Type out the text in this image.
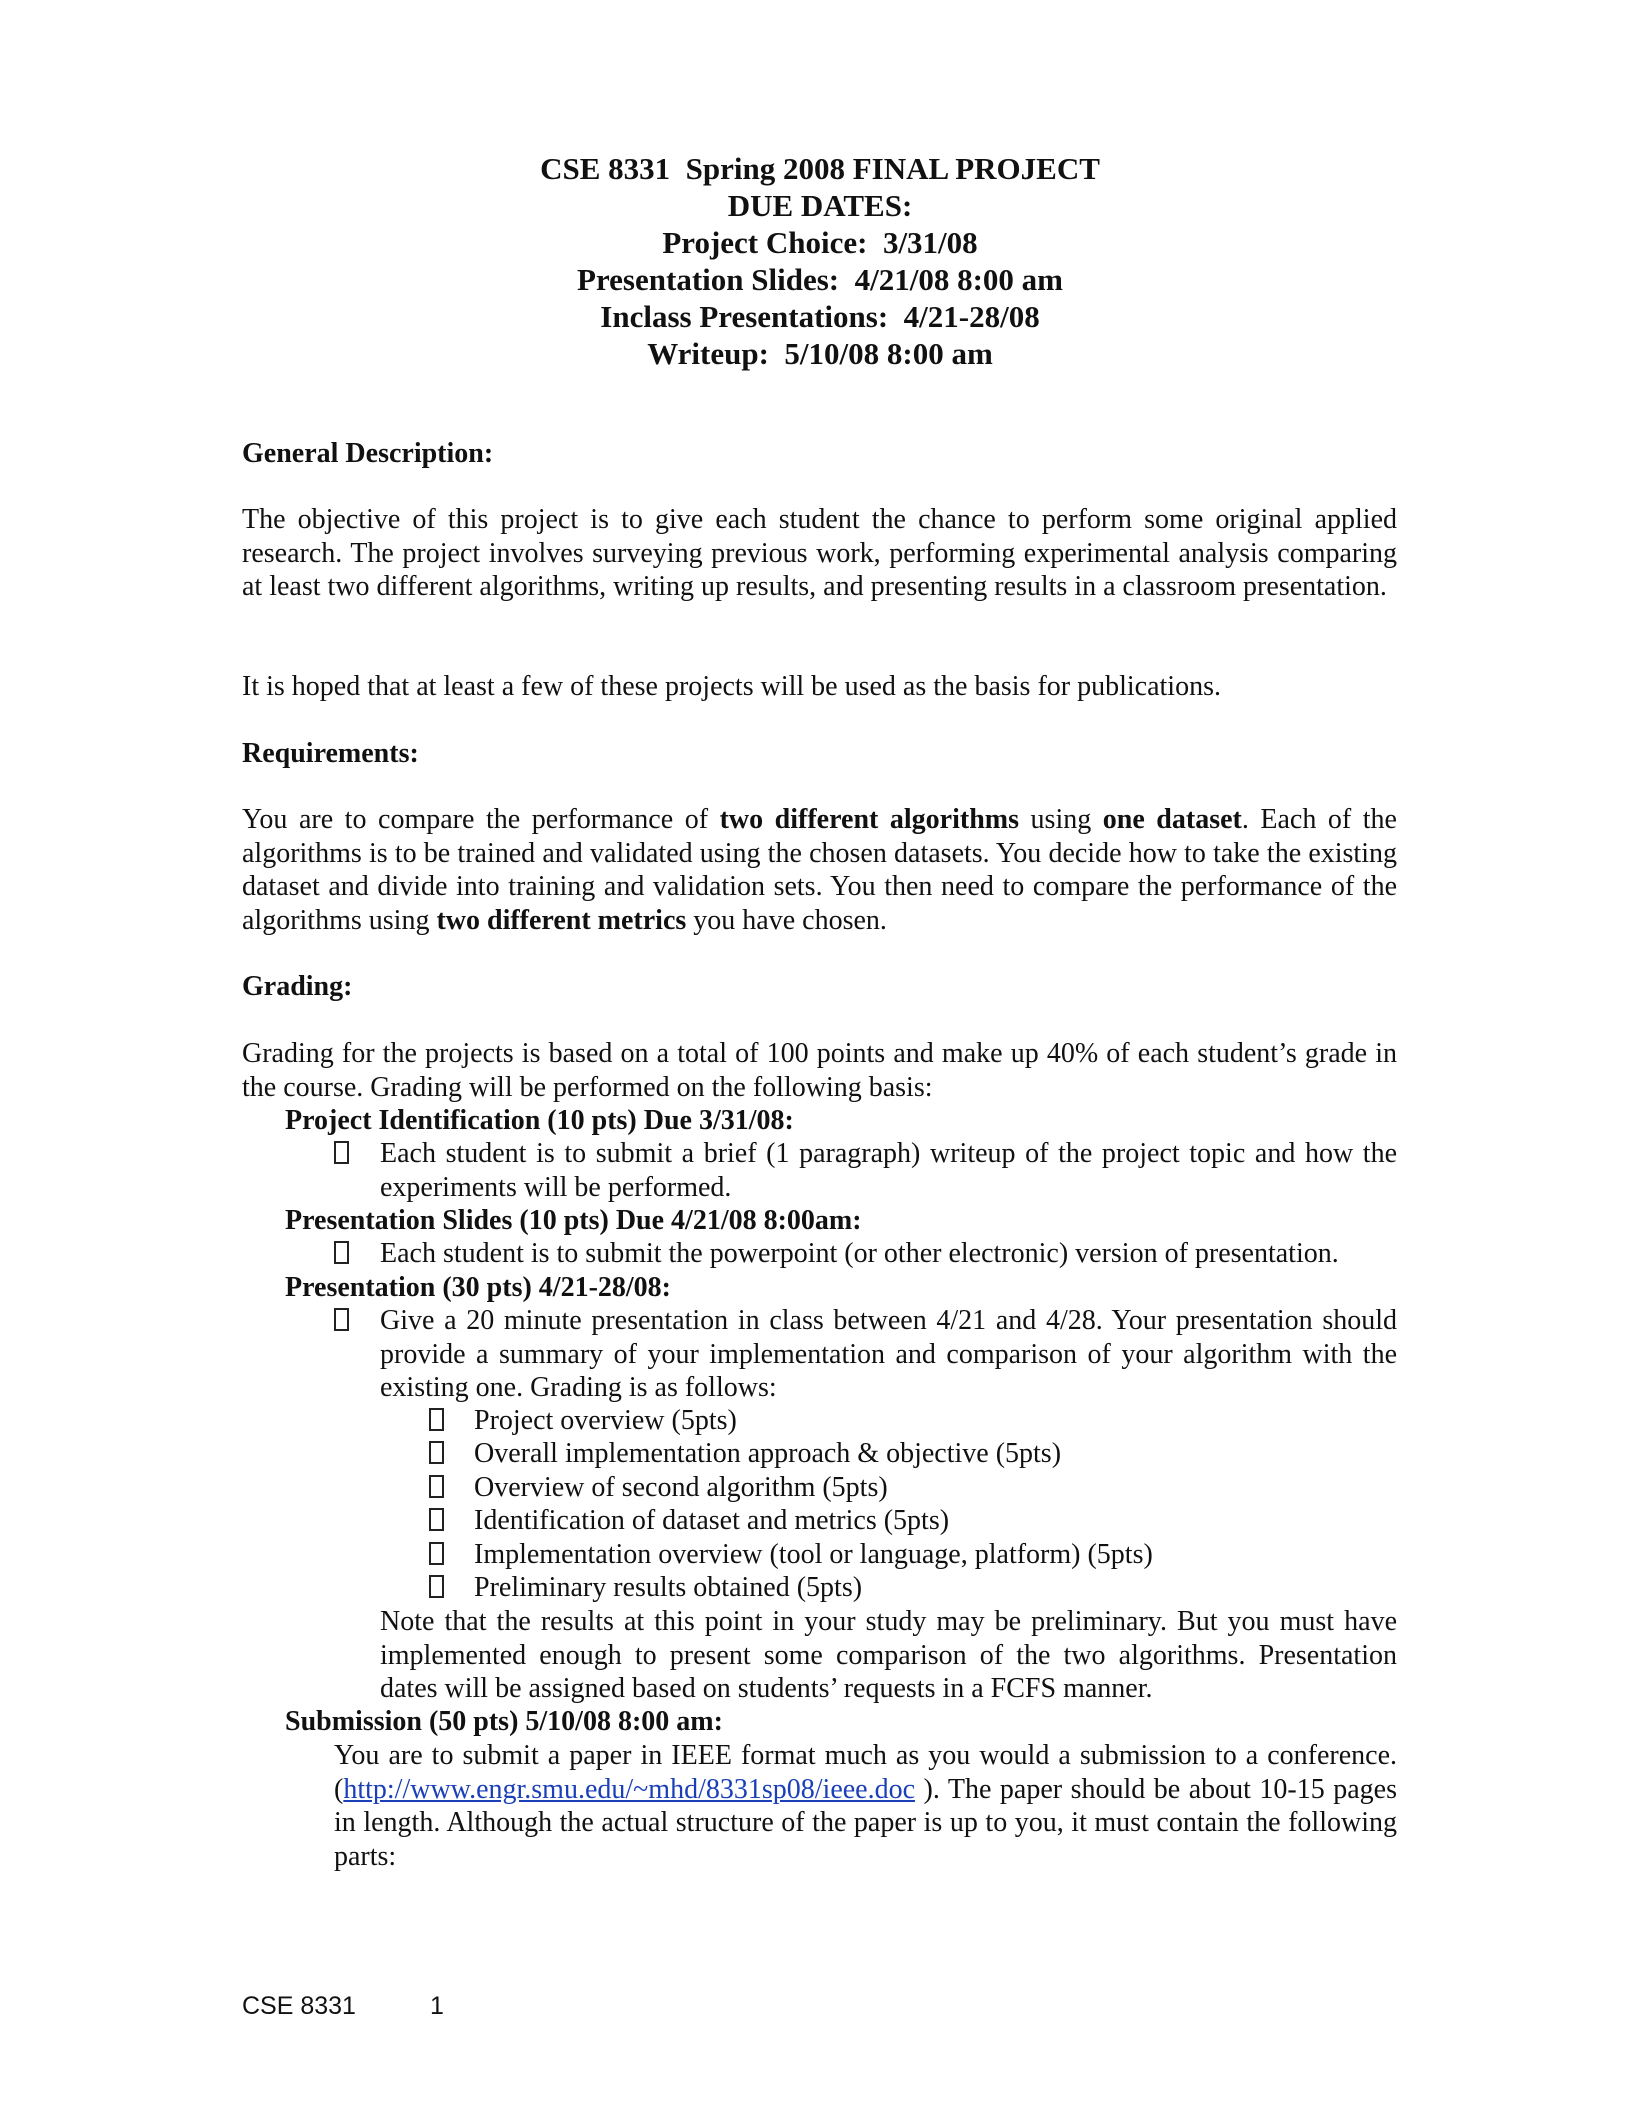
CSE 8331  Spring 2008 FINAL PROJECT
DUE DATES:
Project Choice:  3/31/08
Presentation Slides:  4/21/08 8:00 am
Inclass Presentations:  4/21-28/08
Writeup:  5/10/08 8:00 am
General Description:
The objective of this project is to give each student the chance to perform some original applied research. The project involves surveying previous work, performing experimental analysis comparing at least two different algorithms, writing up results, and presenting results in a classroom presentation.
It is hoped that at least a few of these projects will be used as the basis for publications.
Requirements:
You are to compare the performance of two different algorithms using one dataset. Each of the algorithms is to be trained and validated using the chosen datasets. You decide how to take the existing dataset and divide into training and validation sets. You then need to compare the performance of the algorithms using two different metrics you have chosen.
Grading:
Grading for the projects is based on a total of 100 points and make up 40% of each student’s grade in the course. Grading will be performed on the following basis:
Project Identification (10 pts) Due 3/31/08:
Each student is to submit a brief (1 paragraph) writeup of the project topic and how the experiments will be performed.
Presentation Slides (10 pts) Due 4/21/08 8:00am:
Each student is to submit the powerpoint (or other electronic) version of presentation.
Presentation (30 pts) 4/21-28/08:
Give a 20 minute presentation in class between 4/21 and 4/28. Your presentation should provide a summary of your implementation and comparison of your algorithm with the existing one. Grading is as follows:
Project overview (5pts)
Overall implementation approach & objective (5pts)
Overview of second algorithm (5pts)
Identification of dataset and metrics (5pts)
Implementation overview (tool or language, platform) (5pts)
Preliminary results obtained (5pts)
Note that the results at this point in your study may be preliminary. But you must have implemented enough to present some comparison of the two algorithms. Presentation dates will be assigned based on students’ requests in a FCFS manner.
Submission (50 pts) 5/10/08 8:00 am:
You are to submit a paper in IEEE format much as you would a submission to a conference. (http://www.engr.smu.edu/~mhd/8331sp08/ieee.doc ). The paper should be about 10-15 pages in length. Although the actual structure of the paper is up to you, it must contain the following parts:
CSE 8331	1
